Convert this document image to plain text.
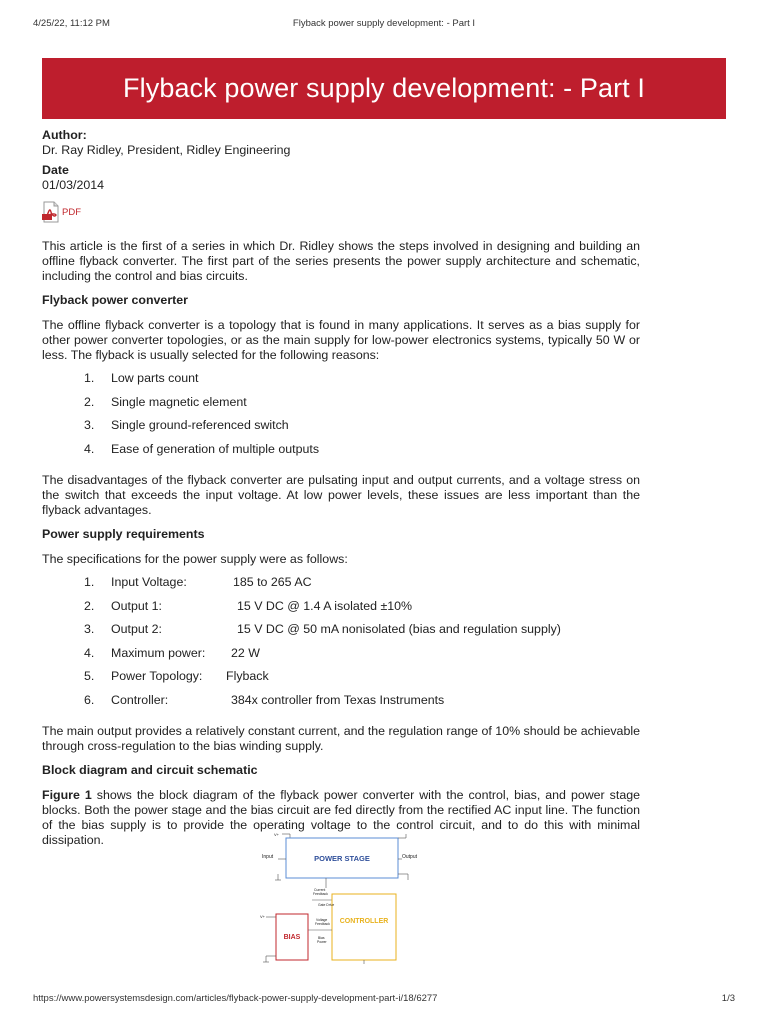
4/25/22, 11:12 PM	Flyback power supply development: - Part I
Flyback power supply development: - Part I
Author:
Dr. Ray Ridley, President, Ridley Engineering
Date
01/03/2014
PDF

This article is the first of a series in which Dr. Ridley shows the steps involved in designing and building an offline flyback converter. The first part of the series presents the power supply architecture and schematic, including the control and bias circuits.

Flyback power converter

The offline flyback converter is a topology that is found in many applications. It serves as a bias supply for other power converter topologies, or as the main supply for low-power electronics systems, typically 50 W or less. The flyback is usually selected for the following reasons:

1.	Low parts count
2.	Single magnetic element
3.	Single ground-referenced switch
4.	Ease of generation of multiple outputs

The disadvantages of the flyback converter are pulsating input and output currents, and a voltage stress on the switch that exceeds the input voltage. At low power levels, these issues are less important than the flyback advantages.

Power supply requirements

The specifications for the power supply were as follows:

1.	Input Voltage:	185 to 265 AC
2.	Output 1:	15 V DC @ 1.4 A isolated ±10%
3.	Output 2:	15 V DC @ 50 mA nonisolated (bias and regulation supply)
4.	Maximum power:	22 W
5.	Power Topology:	Flyback
6.	Controller:	384x controller from Texas Instruments

The main output provides a relatively constant current, and the regulation range of 10% should be achievable through cross-regulation to the bias winding supply.

Block diagram and circuit schematic

Figure 1 shows the block diagram of the flyback power converter with the control, bias, and power stage blocks. Both the power stage and the bias circuit are fed directly from the rectified AC input line. The function of the bias supply is to provide the operating voltage to the control circuit, and to do this with minimal dissipation.	V+
POWER STAGE
Input	Output
Current
Feedback
Gate Drive
CONTROLLER
Voltage
Feedback
Bias
Power
V+
BIAS
https://www.powersystemsdesign.com/articles/flyback-power-supply-development-part-i/18/6277	1/3
